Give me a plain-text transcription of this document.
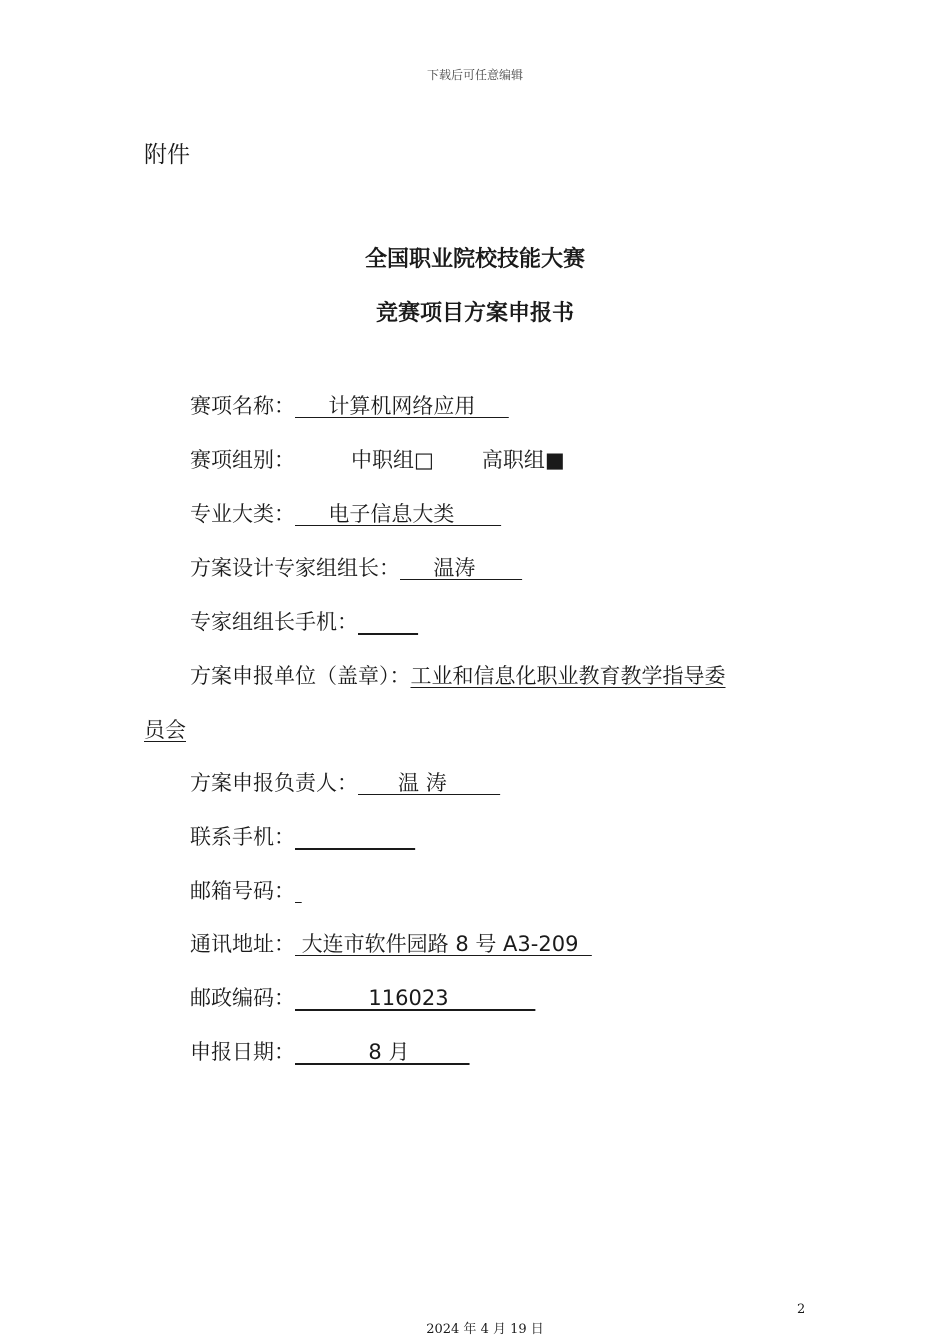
下载后可任意编辑
附件
全国职业院校技能大赛
竞赛项目方案申报书
赛项名称：     计算机网络应用
赛项组别：	中职组□ 高职组■
专业大类：     电子信息大类
方案设计专家组组长：     温涛
专家组组长手机：
方案申报单位（盖章）：工业和信息化职业教育教学指导委
员会
方案申报负责人：      温 涛
联系手机：
邮箱号码：
通讯地址： 大连市软件园路 8 号 A3-209
邮政编码：           116023
申报日期：           8 月
2
2024 年 4 月 19 日
